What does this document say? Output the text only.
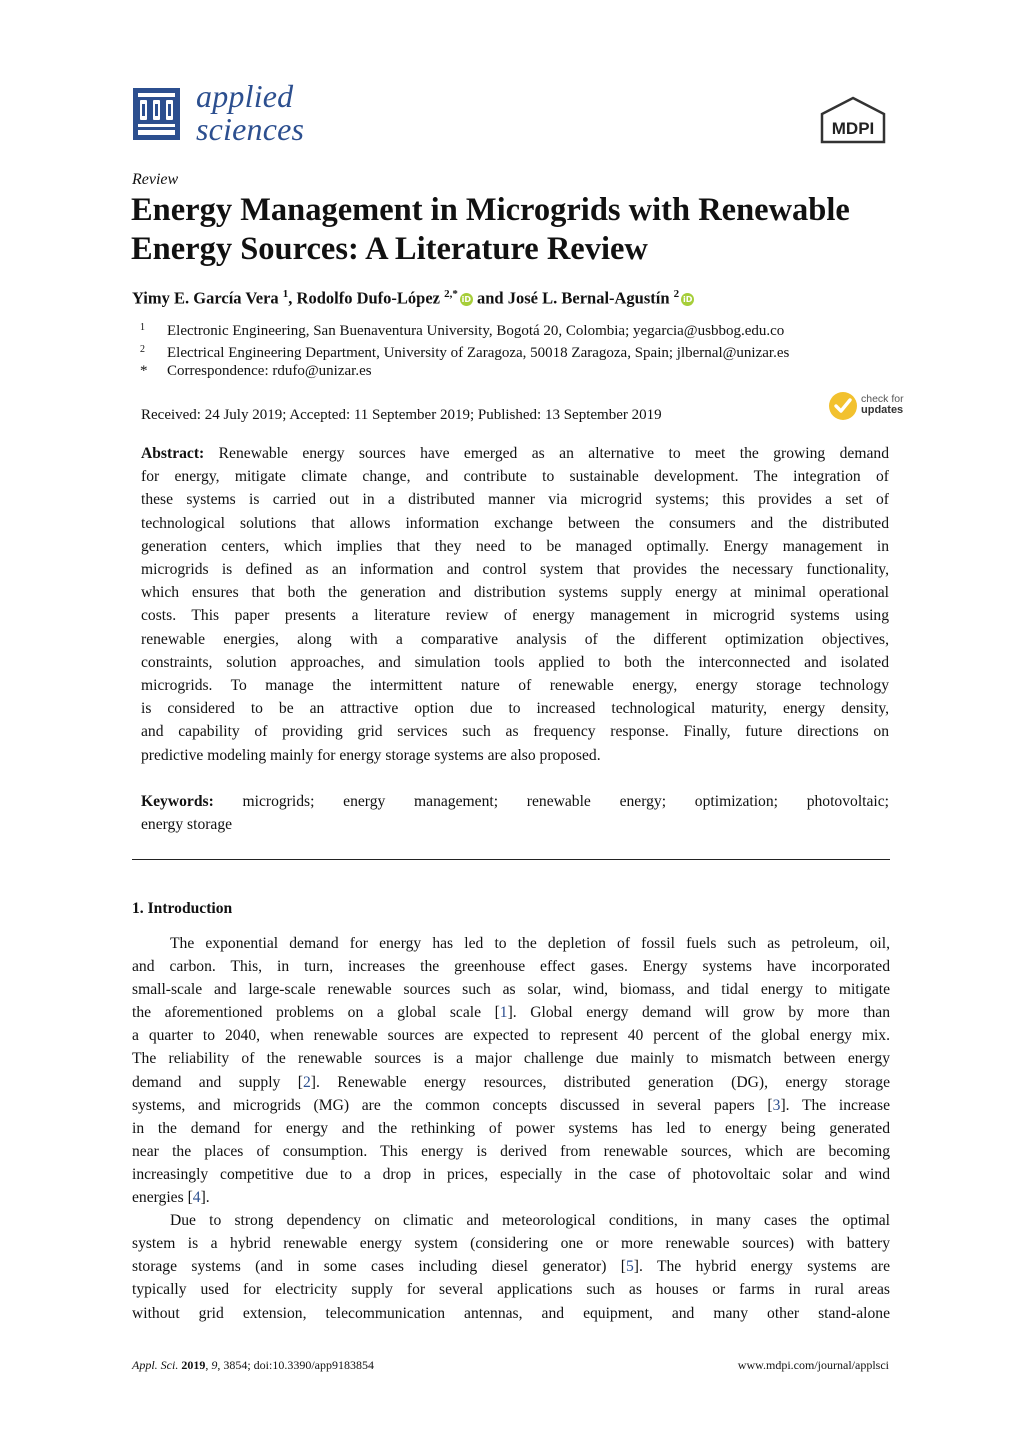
applied
sciences	MDPI
Review
Energy Management in Microgrids with Renewable
Energy Sources: A Literature Review
Yimy E. García Vera $^1$, Rodolfo Dufo-López $^{2,*}$ iD and José L. Bernal-Agustín $^2$ iD
1 Electronic Engineering, San Buenaventura University, Bogotá 20, Colombia; yegarcia@usbbog.edu.co
2 Electrical Engineering Department, University of Zaragoza, 50018 Zaragoza, Spain; jlbernal@unizar.es
* Correspondence: rdufo@unizar.es
Received: 24 July 2019; Accepted: 11 September 2019; Published: 13 September 2019
check for
updates
Abstract: Renewable energy sources have emerged as an alternative to meet the growing demand
for energy, mitigate climate change, and contribute to sustainable development. The integration of
these systems is carried out in a distributed manner via microgrid systems; this provides a set of
technological solutions that allows information exchange between the consumers and the distributed
generation centers, which implies that they need to be managed optimally. Energy management in
microgrids is defined as an information and control system that provides the necessary functionality,
which ensures that both the generation and distribution systems supply energy at minimal operational
costs. This paper presents a literature review of energy management in microgrid systems using
renewable energies, along with a comparative analysis of the different optimization objectives,
constraints, solution approaches, and simulation tools applied to both the interconnected and isolated
microgrids. To manage the intermittent nature of renewable energy, energy storage technology
is considered to be an attractive option due to increased technological maturity, energy density,
and capability of providing grid services such as frequency response. Finally, future directions on
predictive modeling mainly for energy storage systems are also proposed.
Keywords: microgrids; energy management; renewable energy; optimization; photovoltaic;
energy storage
1. Introduction
The exponential demand for energy has led to the depletion of fossil fuels such as petroleum, oil,
and carbon. This, in turn, increases the greenhouse effect gases. Energy systems have incorporated
small-scale and large-scale renewable sources such as solar, wind, biomass, and tidal energy to mitigate
the aforementioned problems on a global scale [1]. Global energy demand will grow by more than
a quarter to 2040, when renewable sources are expected to represent 40 percent of the global energy mix.
The reliability of the renewable sources is a major challenge due mainly to mismatch between energy
demand and supply [2]. Renewable energy resources, distributed generation (DG), energy storage
systems, and microgrids (MG) are the common concepts discussed in several papers [3]. The increase
in the demand for energy and the rethinking of power systems has led to energy being generated
near the places of consumption. This energy is derived from renewable sources, which are becoming
increasingly competitive due to a drop in prices, especially in the case of photovoltaic solar and wind
energies [4].
Due to strong dependency on climatic and meteorological conditions, in many cases the optimal
system is a hybrid renewable energy system (considering one or more renewable sources) with battery
storage systems (and in some cases including diesel generator) [5]. The hybrid energy systems are
typically used for electricity supply for several applications such as houses or farms in rural areas
without grid extension, telecommunication antennas, and equipment, and many other stand-alone
Appl. Sci. 2019, 9, 3854; doi:10.3390/app9183854	www.mdpi.com/journal/applsci
